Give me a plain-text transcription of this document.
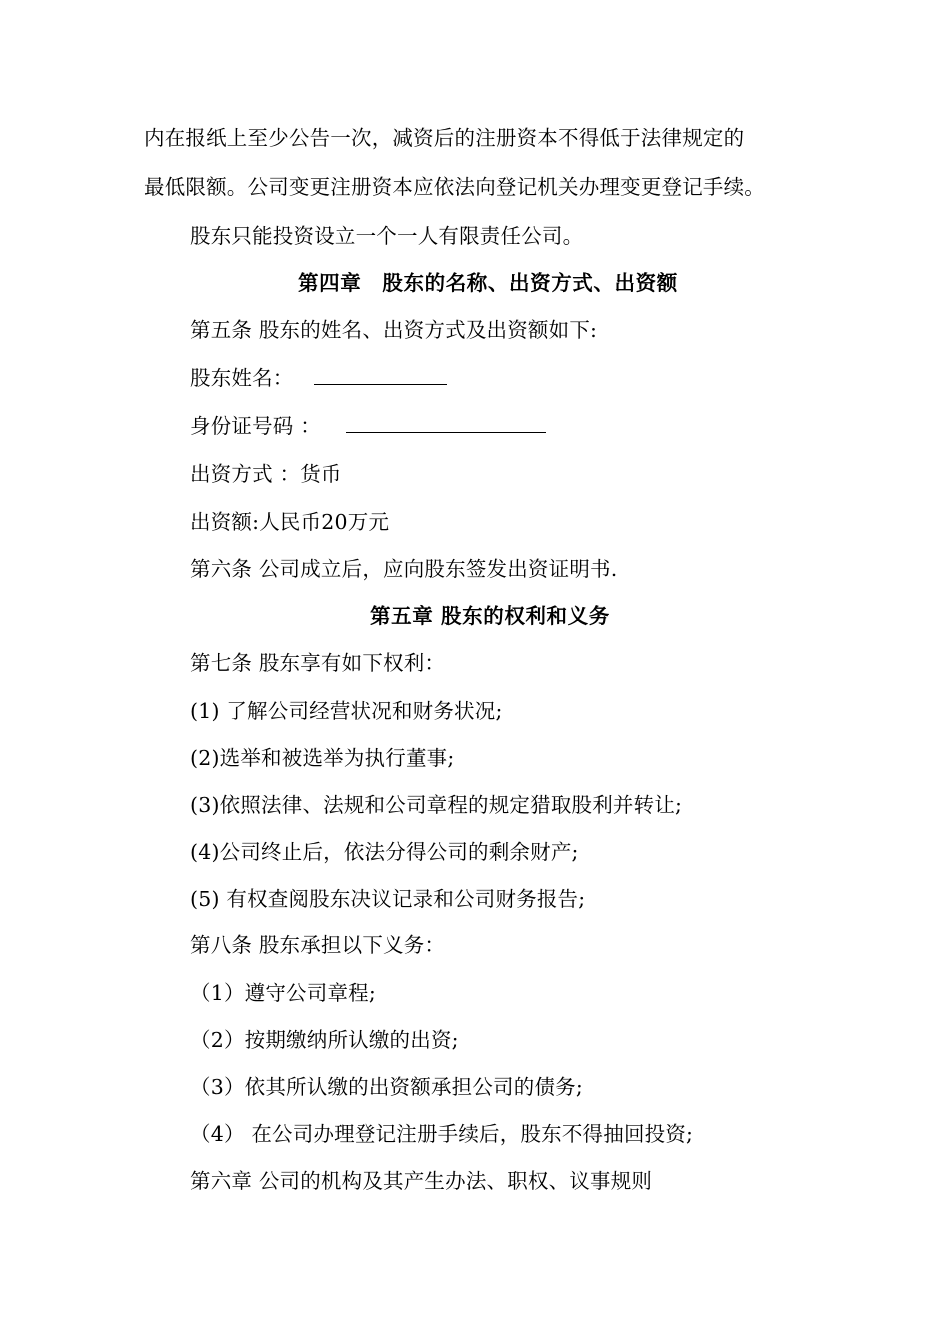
内在报纸上至少公告一次，减资后的注册资本不得低于法律规定的
最低限额。公司变更注册资本应依法向登记机关办理变更登记手续。
股东只能投资设立一个一人有限责任公司。
第四章　股东的名称、出资方式、出资额
第五条 股东的姓名、出资方式及出资额如下:
股东姓名：
身份证号码 ：
出资方式 ：货币
出资额:人民币20万元
第六条 公司成立后，应向股东签发出资证明书.
第五章 股东的权利和义务
第七条 股东享有如下权利：
(1) 了解公司经营状况和财务状况;
(2)选举和被选举为执行董事;
(3)依照法律、法规和公司章程的规定猎取股利并转让;
(4)公司终止后，依法分得公司的剩余财产;
(5) 有权查阅股东决议记录和公司财务报告;
第八条 股东承担以下义务：
（1）遵守公司章程;
（2）按期缴纳所认缴的出资;
（3）依其所认缴的出资额承担公司的债务;
（4） 在公司办理登记注册手续后，股东不得抽回投资;
第六章 公司的机构及其产生办法、职权、议事规则
